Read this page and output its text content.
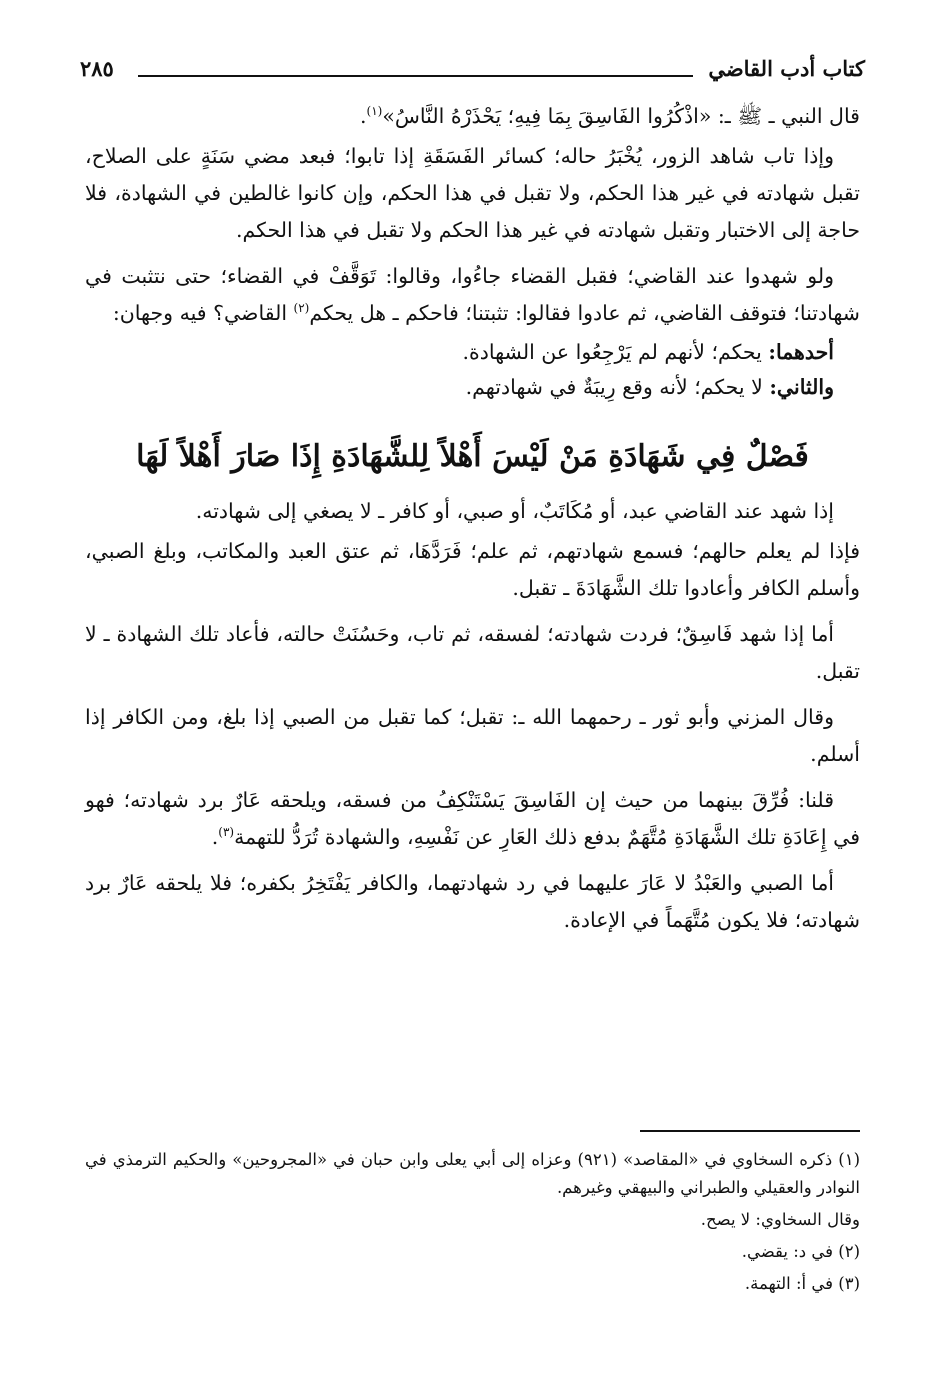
كتاب أدب القاضي
٢٨٥

قال النبي ـ ﷺ ـ: «اذْكُرُوا الفَاسِقَ بِمَا فِيهِ؛ يَحْذَرْهُ النَّاسُ»$^{(١)}$.

وإذا تاب شاهد الزور، يُخْبَرُ حاله؛ كسائر الفَسَقَةِ إذا تابوا؛ فبعد مضي سَنَةٍ على الصلاح، تقبل شهادته في غير هذا الحكم، ولا تقبل في هذا الحكم، وإن كانوا غالطين في الشهادة، فلا حاجة إلى الاختبار وتقبل شهادته في غير هذا الحكم ولا تقبل في هذا الحكم.

ولو شهدوا عند القاضي؛ فقبل القضاء جاءُوا، وقالوا: تَوَقَّفْ في القضاء؛ حتى نتثبت في شهادتنا؛ فتوقف القاضي، ثم عادوا فقالوا: تثبتنا؛ فاحكم ـ هل يحكم$^{(٢)}$ القاضي؟ فيه وجهان:

أحدهما: يحكم؛ لأنهم لم يَرْجِعُوا عن الشهادة.

والثاني: لا يحكم؛ لأنه وقع رِيبَةٌ في شهادتهم.

فَصْلٌ فِي شَهَادَةِ مَنْ لَيْسَ أَهْلاً لِلشَّهَادَةِ إِذَا صَارَ أَهْلاً لَهَا

إذا شهد عند القاضي عبد، أو مُكَاتَبٌ، أو صبي، أو كافر ـ لا يصغي إلى شهادته.

فإذا لم يعلم حالهم؛ فسمع شهادتهم، ثم علم؛ فَرَدَّهَا، ثم عتق العبد والمكاتب، وبلغ الصبي، وأسلم الكافر وأعادوا تلك الشَّهَادَةَ ـ تقبل.

أما إذا شهد فَاسِقٌ؛ فردت شهادته؛ لفسقه، ثم تاب، وحَسُنَتْ حالته، فأعاد تلك الشهادة ـ لا تقبل.

وقال المزني وأبو ثور ـ رحمهما الله ـ: تقبل؛ كما تقبل من الصبي إذا بلغ، ومن الكافر إذا أسلم.

قلنا: فُرِّقَ بينهما من حيث إن الفَاسِقَ يَسْتَنْكِفُ من فسقه، ويلحقه عَارٌ برد شهادته؛ فهو في إِعَادَةِ تلك الشَّهَادَةِ مُتَّهَمٌ بدفع ذلك العَارِ عن نَفْسِهِ، والشهادة تُرَدُّ للتهمة$^{(٣)}$.

أما الصبي والعَبْدُ لا عَارَ عليهما في رد شهادتهما، والكافر يَفْتَخِرُ بكفره؛ فلا يلحقه عَارٌ برد شهادته؛ فلا يكون مُتَّهَماً في الإعادة.

(١) ذكره السخاوي في «المقاصد» (٩٢١) وعزاه إلى أبي يعلى وابن حبان في «المجروحين» والحكيم الترمذي في النوادر والعقيلي والطبراني والبيهقي وغيرهم.

وقال السخاوي: لا يصح.

(٢) في د: يقضي.

(٣) في أ: التهمة.
